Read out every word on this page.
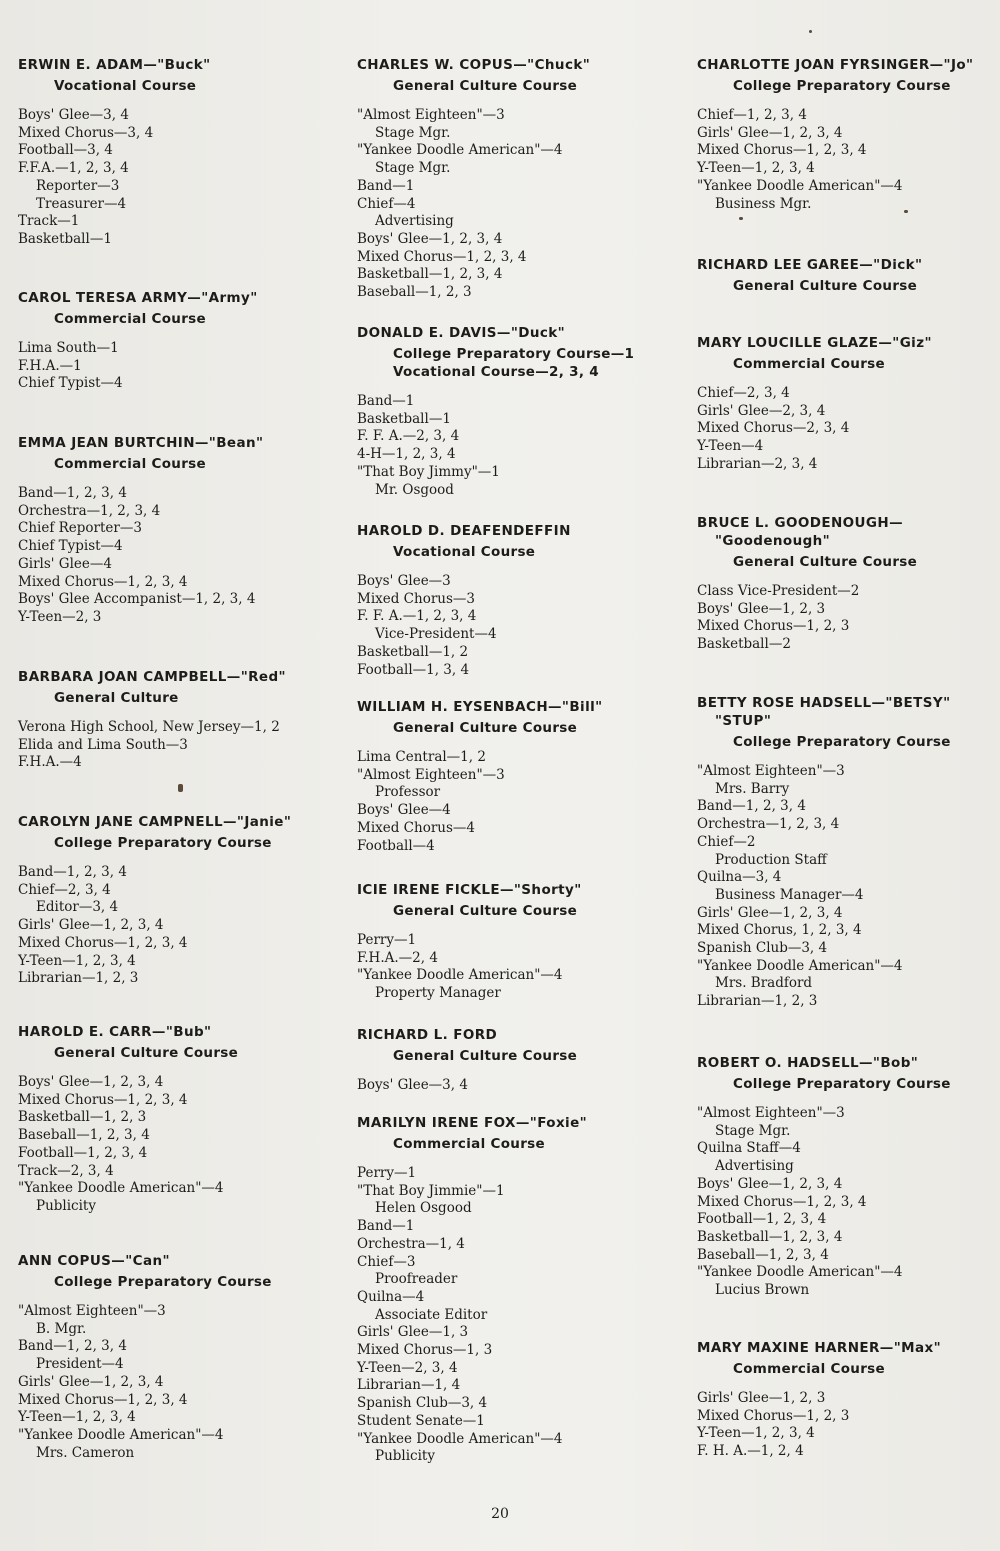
ERWIN E. ADAM—"Buck"
Vocational Course
Boys' Glee—3, 4
Mixed Chorus—3, 4
Football—3, 4
F.F.A.—1, 2, 3, 4
Reporter—3
Treasurer—4
Track—1
Basketball—1
CAROL TERESA ARMY—"Army"
Commercial Course
Lima South—1
F.H.A.—1
Chief Typist—4
EMMA JEAN BURTCHIN—"Bean"
Commercial Course
Band—1, 2, 3, 4
Orchestra—1, 2, 3, 4
Chief Reporter—3
Chief Typist—4
Girls' Glee—4
Mixed Chorus—1, 2, 3, 4
Boys' Glee Accompanist—1, 2, 3, 4
Y-Teen—2, 3
BARBARA JOAN CAMPBELL—"Red"
General Culture
Verona High School, New Jersey—1, 2
Elida and Lima South—3
F.H.A.—4
CAROLYN JANE CAMPNELL—"Janie"
College Preparatory Course
Band—1, 2, 3, 4
Chief—2, 3, 4
Editor—3, 4
Girls' Glee—1, 2, 3, 4
Mixed Chorus—1, 2, 3, 4
Y-Teen—1, 2, 3, 4
Librarian—1, 2, 3
HAROLD E. CARR—"Bub"
General Culture Course
Boys' Glee—1, 2, 3, 4
Mixed Chorus—1, 2, 3, 4
Basketball—1, 2, 3
Baseball—1, 2, 3, 4
Football—1, 2, 3, 4
Track—2, 3, 4
"Yankee Doodle American"—4
Publicity
ANN COPUS—"Can"
College Preparatory Course
"Almost Eighteen"—3
B. Mgr.
Band—1, 2, 3, 4
President—4
Girls' Glee—1, 2, 3, 4
Mixed Chorus—1, 2, 3, 4
Y-Teen—1, 2, 3, 4
"Yankee Doodle American"—4
Mrs. Cameron
CHARLES W. COPUS—"Chuck"
General Culture Course
"Almost Eighteen"—3
Stage Mgr.
"Yankee Doodle American"—4
Stage Mgr.
Band—1
Chief—4
Advertising
Boys' Glee—1, 2, 3, 4
Mixed Chorus—1, 2, 3, 4
Basketball—1, 2, 3, 4
Baseball—1, 2, 3
DONALD E. DAVIS—"Duck"
College Preparatory Course—1
Vocational Course—2, 3, 4
Band—1
Basketball—1
F. F. A.—2, 3, 4
4-H—1, 2, 3, 4
"That Boy Jimmy"—1
Mr. Osgood
HAROLD D. DEAFENDEFFIN
Vocational Course
Boys' Glee—3
Mixed Chorus—3
F. F. A.—1, 2, 3, 4
Vice-President—4
Basketball—1, 2
Football—1, 3, 4
WILLIAM H. EYSENBACH—"Bill"
General Culture Course
Lima Central—1, 2
"Almost Eighteen"—3
Professor
Boys' Glee—4
Mixed Chorus—4
Football—4
ICIE IRENE FICKLE—"Shorty"
General Culture Course
Perry—1
F.H.A.—2, 4
"Yankee Doodle American"—4
Property Manager
RICHARD L. FORD
General Culture Course
Boys' Glee—3, 4
MARILYN IRENE FOX—"Foxie"
Commercial Course
Perry—1
"That Boy Jimmie"—1
Helen Osgood
Band—1
Orchestra—1, 4
Chief—3
Proofreader
Quilna—4
Associate Editor
Girls' Glee—1, 3
Mixed Chorus—1, 3
Y-Teen—2, 3, 4
Librarian—1, 4
Spanish Club—3, 4
Student Senate—1
"Yankee Doodle American"—4
Publicity
CHARLOTTE JOAN FYRSINGER—"Jo"
College Preparatory Course
Chief—1, 2, 3, 4
Girls' Glee—1, 2, 3, 4
Mixed Chorus—1, 2, 3, 4
Y-Teen—1, 2, 3, 4
"Yankee Doodle American"—4
Business Mgr.
RICHARD LEE GAREE—"Dick"
General Culture Course
MARY LOUCILLE GLAZE—"Giz"
Commercial Course
Chief—2, 3, 4
Girls' Glee—2, 3, 4
Mixed Chorus—2, 3, 4
Y-Teen—4
Librarian—2, 3, 4
BRUCE L. GOODENOUGH—
"Goodenough"
General Culture Course
Class Vice-President—2
Boys' Glee—1, 2, 3
Mixed Chorus—1, 2, 3
Basketball—2
BETTY ROSE HADSELL—"BETSY"
"STUP"
College Preparatory Course
"Almost Eighteen"—3
Mrs. Barry
Band—1, 2, 3, 4
Orchestra—1, 2, 3, 4
Chief—2
Production Staff
Quilna—3, 4
Business Manager—4
Girls' Glee—1, 2, 3, 4
Mixed Chorus, 1, 2, 3, 4
Spanish Club—3, 4
"Yankee Doodle American"—4
Mrs. Bradford
Librarian—1, 2, 3
ROBERT O. HADSELL—"Bob"
College Preparatory Course
"Almost Eighteen"—3
Stage Mgr.
Quilna Staff—4
Advertising
Boys' Glee—1, 2, 3, 4
Mixed Chorus—1, 2, 3, 4
Football—1, 2, 3, 4
Basketball—1, 2, 3, 4
Baseball—1, 2, 3, 4
"Yankee Doodle American"—4
Lucius Brown
MARY MAXINE HARNER—"Max"
Commercial Course
Girls' Glee—1, 2, 3
Mixed Chorus—1, 2, 3
Y-Teen—1, 2, 3, 4
F. H. A.—1, 2, 4
20
